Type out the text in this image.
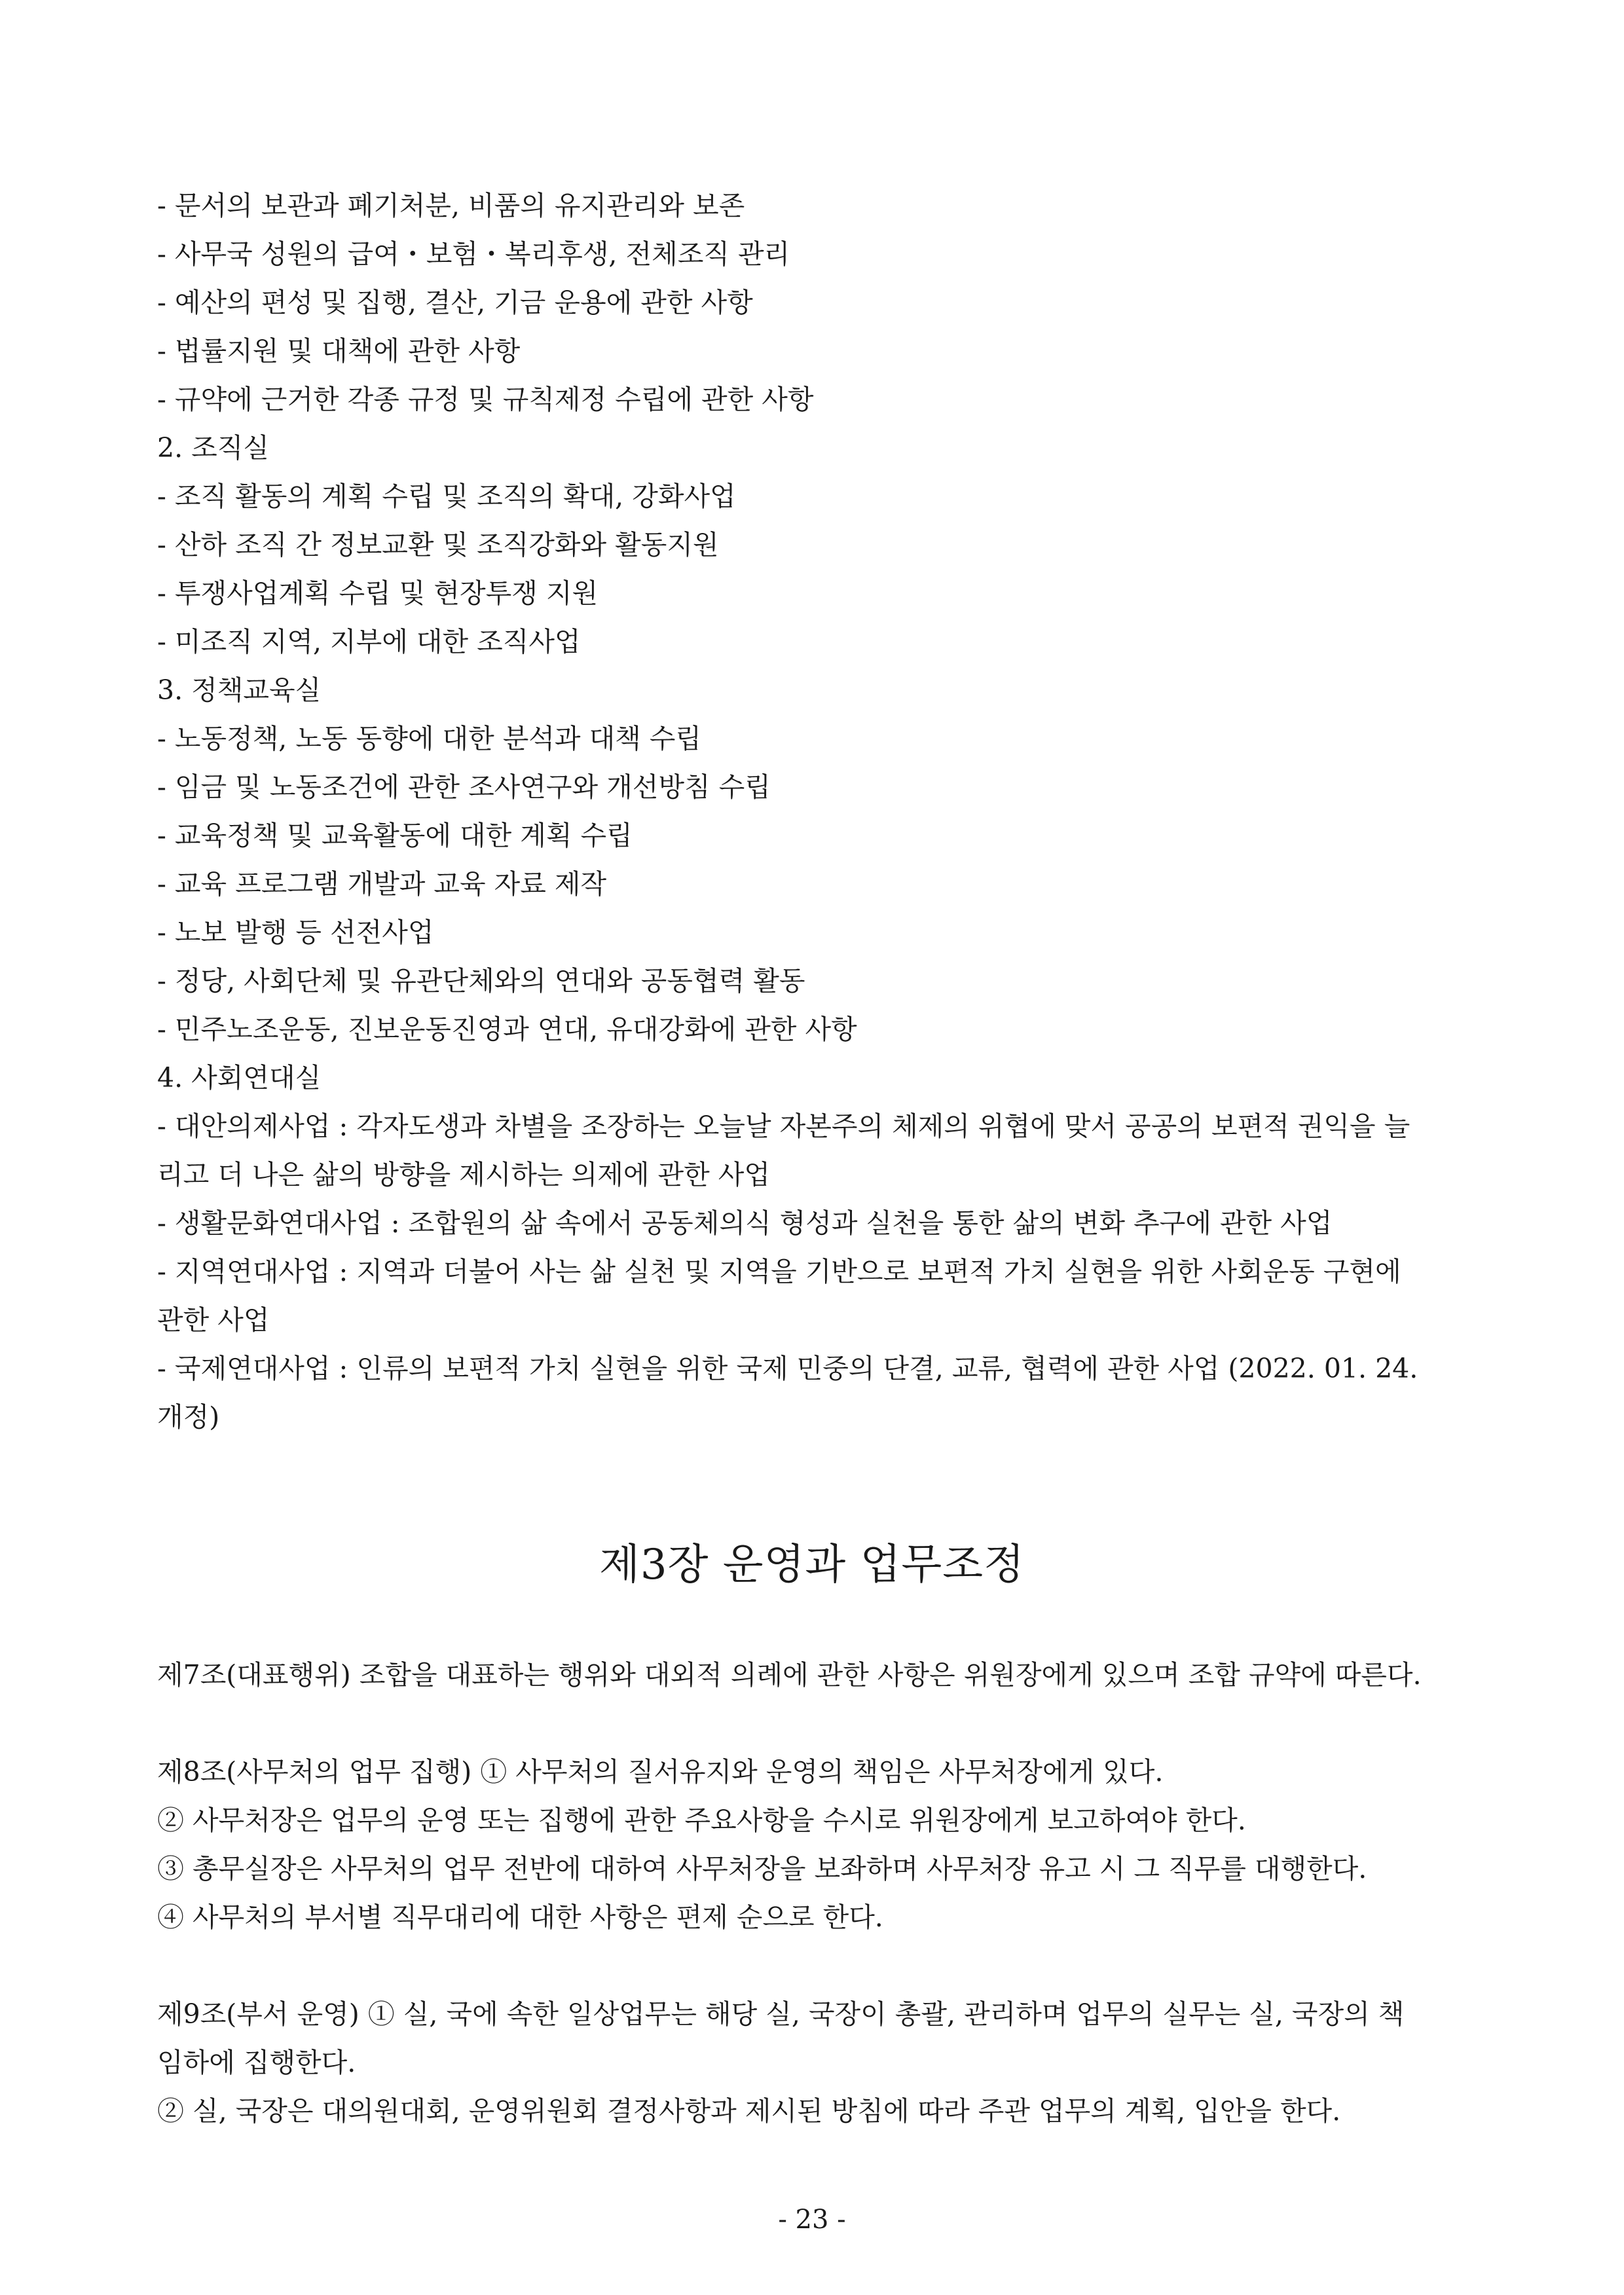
- 문서의 보관과 폐기처분, 비품의 유지관리와 보존
- 사무국 성원의 급여・보험・복리후생, 전체조직 관리
- 예산의 편성 및 집행, 결산, 기금 운용에 관한 사항
- 법률지원 및 대책에 관한 사항
- 규약에 근거한 각종 규정 및 규칙제정 수립에 관한 사항
2. 조직실
- 조직 활동의 계획 수립 및 조직의 확대, 강화사업
- 산하 조직 간 정보교환 및 조직강화와 활동지원
- 투쟁사업계획 수립 및 현장투쟁 지원
- 미조직 지역, 지부에 대한 조직사업
3. 정책교육실
- 노동정책, 노동 동향에 대한 분석과 대책 수립
- 임금 및 노동조건에 관한 조사연구와 개선방침 수립
- 교육정책 및 교육활동에 대한 계획 수립
- 교육 프로그램 개발과 교육 자료 제작
- 노보 발행 등 선전사업
- 정당, 사회단체 및 유관단체와의 연대와 공동협력 활동
- 민주노조운동, 진보운동진영과 연대, 유대강화에 관한 사항
4. 사회연대실
- 대안의제사업 : 각자도생과 차별을 조장하는 오늘날 자본주의 체제의 위협에 맞서 공공의 보편적 권익을 늘
리고 더 나은 삶의 방향을 제시하는 의제에 관한 사업
- 생활문화연대사업 : 조합원의 삶 속에서 공동체의식 형성과 실천을 통한 삶의 변화 추구에 관한 사업
- 지역연대사업 : 지역과 더불어 사는 삶 실천 및 지역을 기반으로 보편적 가치 실현을 위한 사회운동 구현에
관한 사업
- 국제연대사업 : 인류의 보편적 가치 실현을 위한 국제 민중의 단결, 교류, 협력에 관한 사업 (2022. 01. 24.
개정)
제3장 운영과 업무조정
제7조(대표행위) 조합을 대표하는 행위와 대외적 의례에 관한 사항은 위원장에게 있으며 조합 규약에 따른다.
제8조(사무처의 업무 집행) ① 사무처의 질서유지와 운영의 책임은 사무처장에게 있다.
② 사무처장은 업무의 운영 또는 집행에 관한 주요사항을 수시로 위원장에게 보고하여야 한다.
③ 총무실장은 사무처의 업무 전반에 대하여 사무처장을 보좌하며 사무처장 유고 시 그 직무를 대행한다.
④ 사무처의 부서별 직무대리에 대한 사항은 편제 순으로 한다.
제9조(부서 운영) ① 실, 국에 속한 일상업무는 해당 실, 국장이 총괄, 관리하며 업무의 실무는 실, 국장의 책
임하에 집행한다.
② 실, 국장은 대의원대회, 운영위원회 결정사항과 제시된 방침에 따라 주관 업무의 계획, 입안을 한다.
- 23 -
